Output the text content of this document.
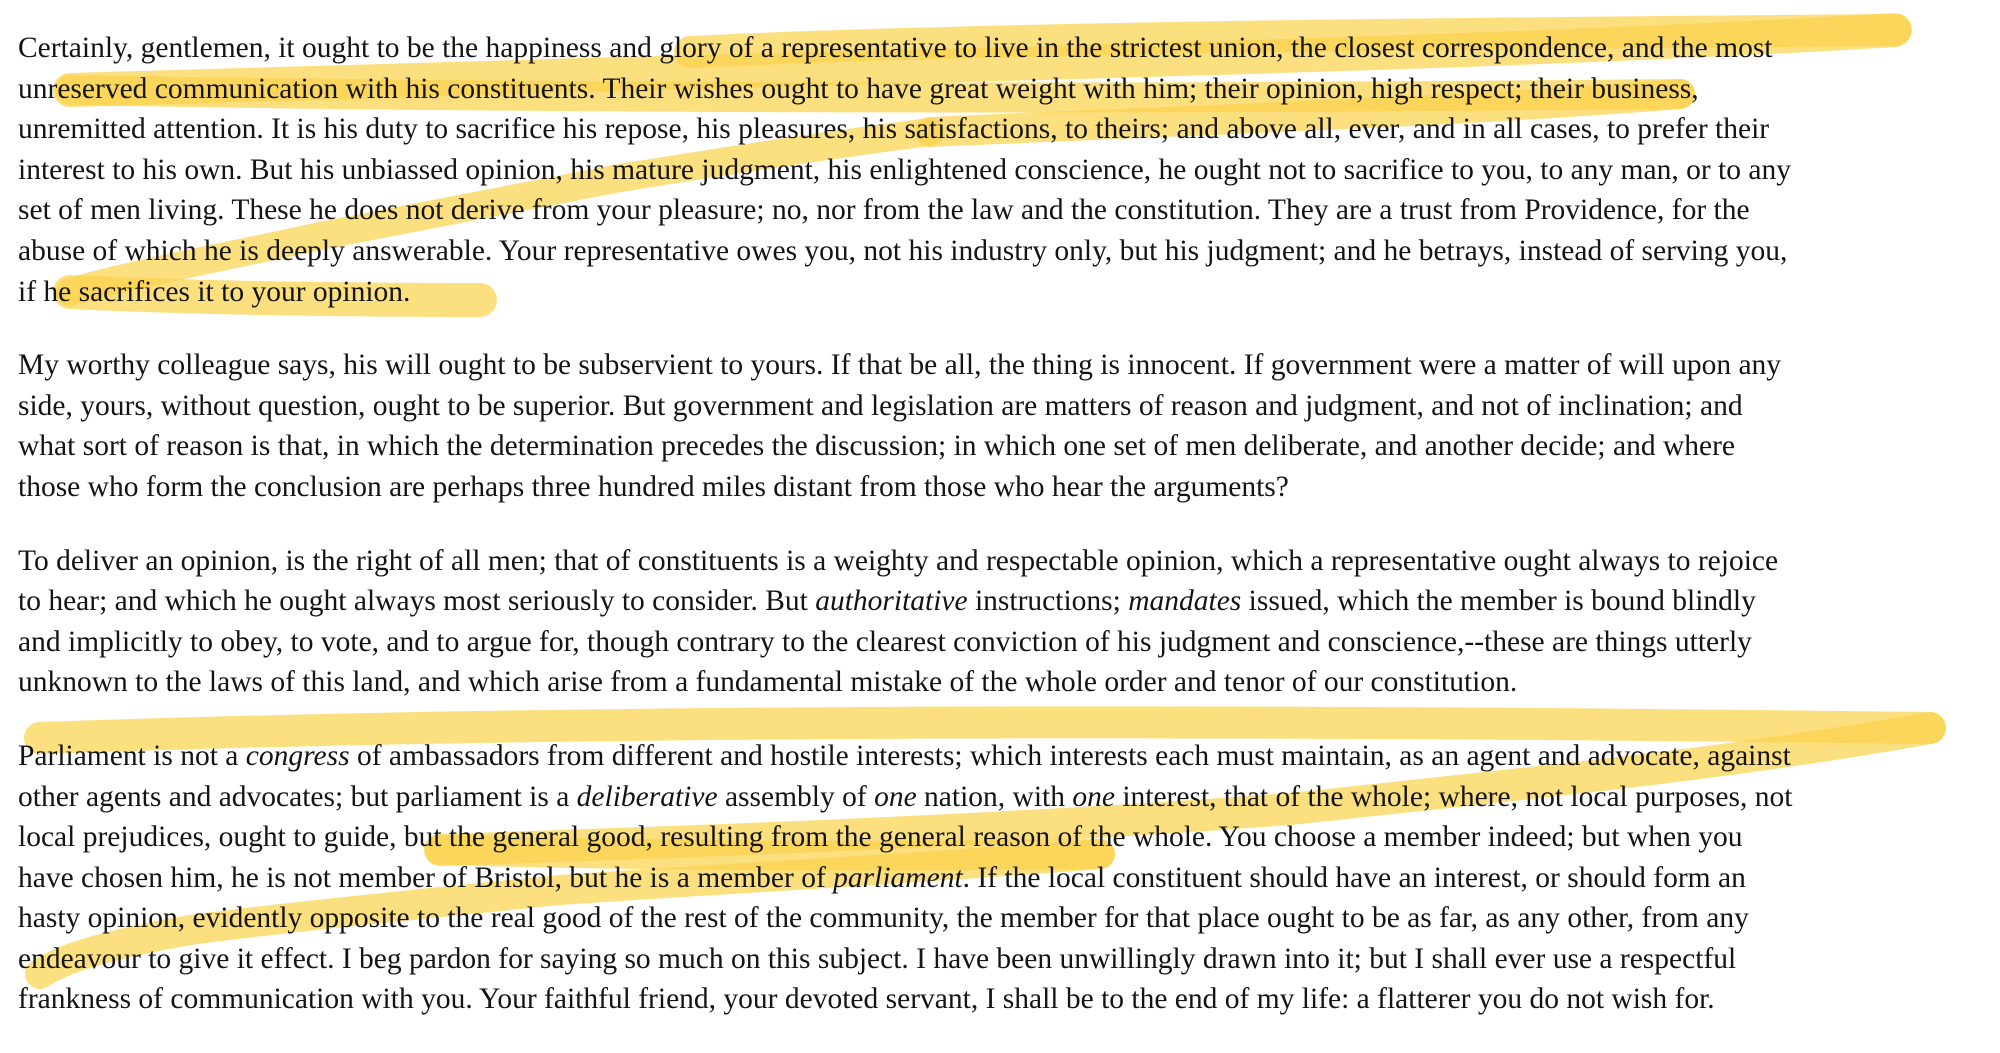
Certainly, gentlemen, it ought to be the happiness and glory of a representative to live in the strictest union, the closest correspondence, and the most
unreserved communication with his constituents. Their wishes ought to have great weight with him; their opinion, high respect; their business,
unremitted attention. It is his duty to sacrifice his repose, his pleasures, his satisfactions, to theirs; and above all, ever, and in all cases, to prefer their
interest to his own. But his unbiassed opinion, his mature judgment, his enlightened conscience, he ought not to sacrifice to you, to any man, or to any
set of men living. These he does not derive from your pleasure; no, nor from the law and the constitution. They are a trust from Providence, for the
abuse of which he is deeply answerable. Your representative owes you, not his industry only, but his judgment; and he betrays, instead of serving you,
if he sacrifices it to your opinion.

My worthy colleague says, his will ought to be subservient to yours. If that be all, the thing is innocent. If government were a matter of will upon any
side, yours, without question, ought to be superior. But government and legislation are matters of reason and judgment, and not of inclination; and
what sort of reason is that, in which the determination precedes the discussion; in which one set of men deliberate, and another decide; and where
those who form the conclusion are perhaps three hundred miles distant from those who hear the arguments?

To deliver an opinion, is the right of all men; that of constituents is a weighty and respectable opinion, which a representative ought always to rejoice
to hear; and which he ought always most seriously to consider. But authoritative instructions; mandates issued, which the member is bound blindly
and implicitly to obey, to vote, and to argue for, though contrary to the clearest conviction of his judgment and conscience,--these are things utterly
unknown to the laws of this land, and which arise from a fundamental mistake of the whole order and tenor of our constitution.

Parliament is not a congress of ambassadors from different and hostile interests; which interests each must maintain, as an agent and advocate, against
other agents and advocates; but parliament is a deliberative assembly of one nation, with one interest, that of the whole; where, not local purposes, not
local prejudices, ought to guide, but the general good, resulting from the general reason of the whole. You choose a member indeed; but when you
have chosen him, he is not member of Bristol, but he is a member of parliament. If the local constituent should have an interest, or should form an
hasty opinion, evidently opposite to the real good of the rest of the community, the member for that place ought to be as far, as any other, from any
endeavour to give it effect. I beg pardon for saying so much on this subject. I have been unwillingly drawn into it; but I shall ever use a respectful
frankness of communication with you. Your faithful friend, your devoted servant, I shall be to the end of my life: a flatterer you do not wish for.
